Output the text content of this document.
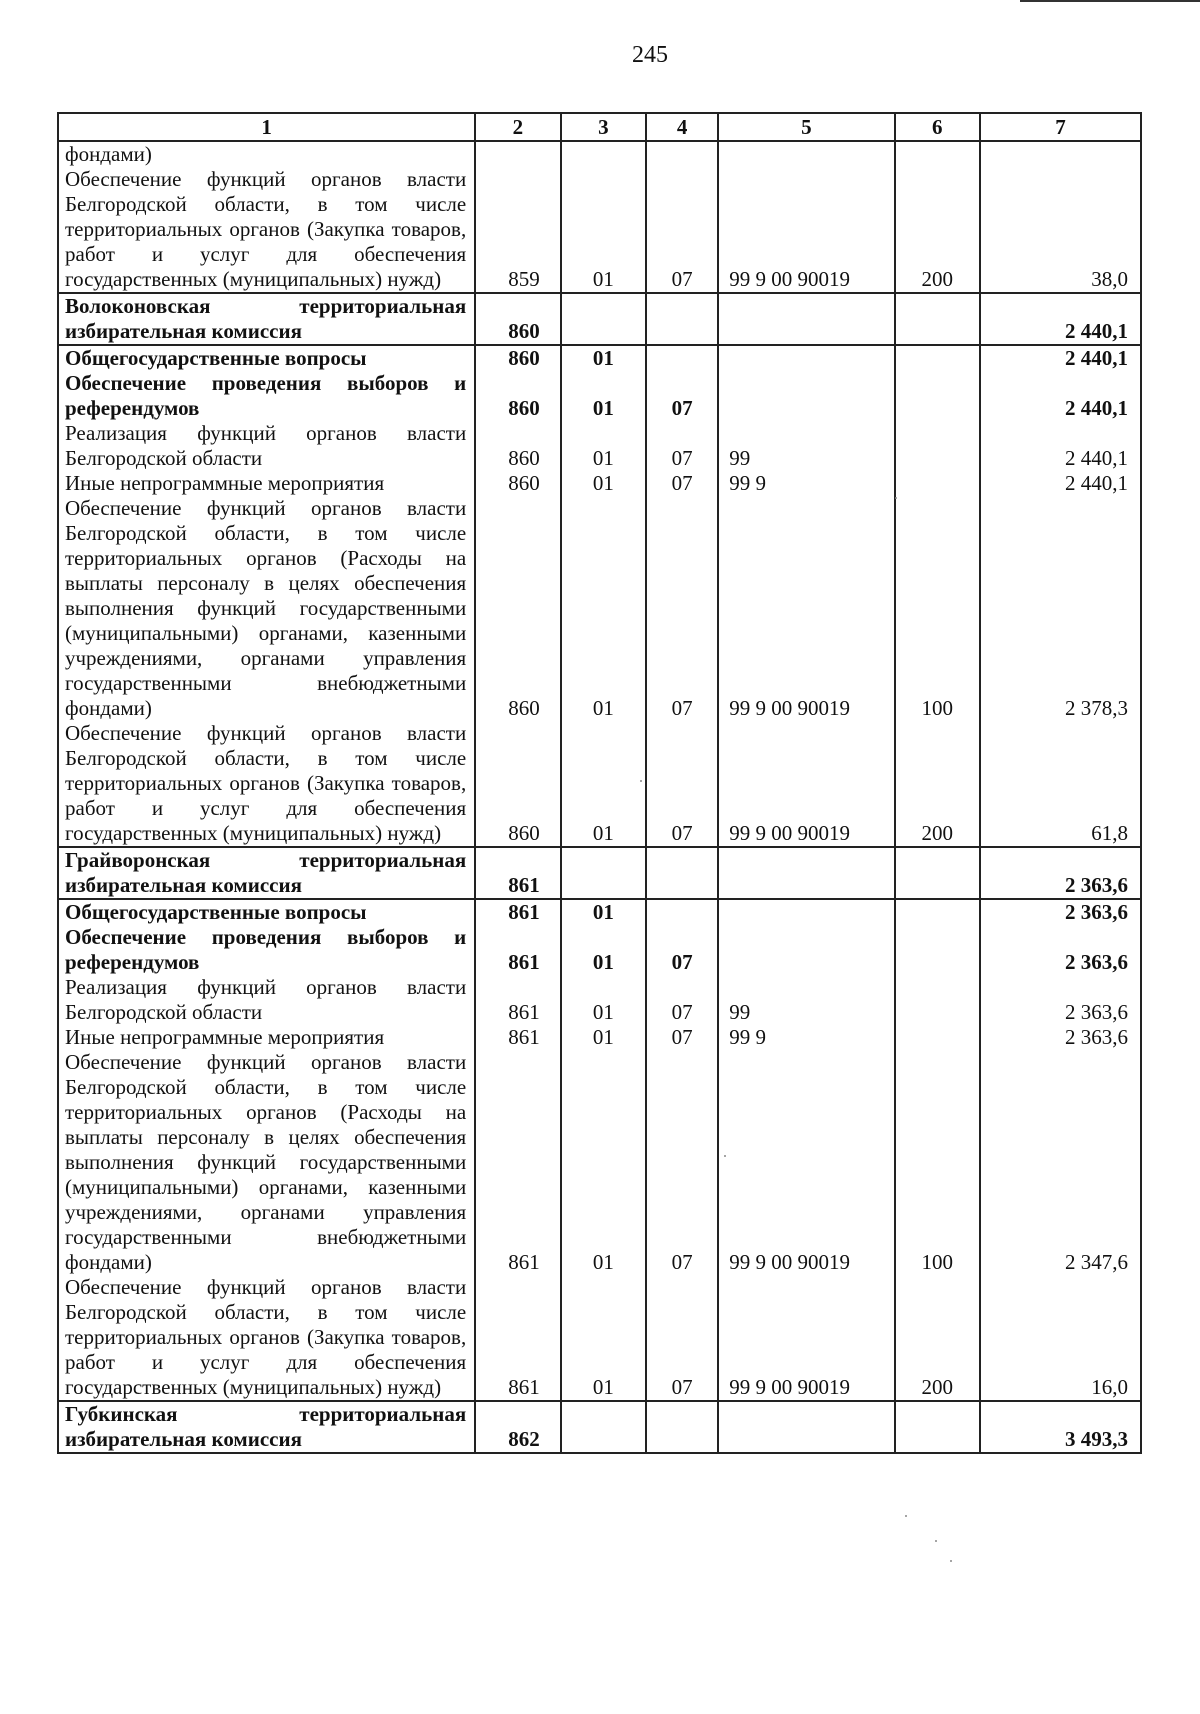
245
1	2	3	4	5	6	7
фондами)						
Обеспечение функций органов власти Белгородской области, в том числе территориальных органов (Закупка товаров, работ и услуг для обеспечения государственных (муниципальных) нужд)	859	01	07	99 9 00 90019	200	38,0
Волоконовская территориальная избирательная комиссия	860					2 440,1
Общегосударственные вопросы	860	01				2 440,1
Обеспечение проведения выборов и референдумов	860	01	07			2 440,1
Реализация функций органов власти Белгородской области	860	01	07	99		2 440,1
Иные непрограммные мероприятия	860	01	07	99 9		2 440,1
Обеспечение функций органов власти Белгородской области, в том числе территориальных органов (Расходы на выплаты персоналу в целях обеспечения выполнения функций государственными (муниципальными) органами, казенными учреждениями, органами управления государственными внебюджетными фондами)	860	01	07	99 9 00 90019	100	2 378,3
Обеспечение функций органов власти Белгородской области, в том числе территориальных органов (Закупка товаров, работ и услуг для обеспечения государственных (муниципальных) нужд)	860	01	07	99 9 00 90019	200	61,8
Грайворонская территориальная избирательная комиссия	861					2 363,6
Общегосударственные вопросы	861	01				2 363,6
Обеспечение проведения выборов и референдумов	861	01	07			2 363,6
Реализация функций органов власти Белгородской области	861	01	07	99		2 363,6
Иные непрограммные мероприятия	861	01	07	99 9		2 363,6
Обеспечение функций органов власти Белгородской области, в том числе территориальных органов (Расходы на выплаты персоналу в целях обеспечения выполнения функций государственными (муниципальными) органами, казенными учреждениями, органами управления государственными внебюджетными фондами)	861	01	07	99 9 00 90019	100	2 347,6
Обеспечение функций органов власти Белгородской области, в том числе территориальных органов (Закупка товаров, работ и услуг для обеспечения государственных (муниципальных) нужд)	861	01	07	99 9 00 90019	200	16,0
Губкинская территориальная избирательная комиссия	862					3 493,3
